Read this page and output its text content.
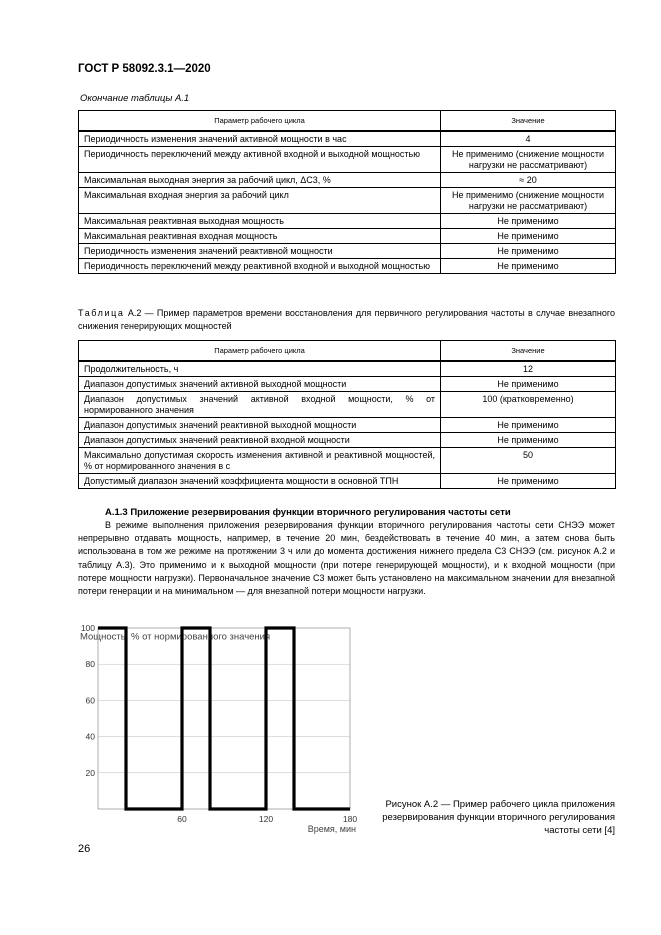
ГОСТ Р 58092.3.1—2020
Окончание таблицы А.1
Параметр рабочего цикла	Значение
Периодичность изменения значений активной мощности в час	4
Периодичность переключений между активной входной и выходной мощностью	Не применимо (снижение мощности нагрузки не рассматривают)
Максимальная выходная энергия за рабочий цикл, ΔС3, %	≈ 20
Максимальная входная энергия за рабочий цикл	Не применимо (снижение мощности нагрузки не рассматривают)
Максимальная реактивная выходная мощность	Не применимо
Максимальная реактивная входная мощность	Не применимо
Периодичность изменения значений реактивной мощности	Не применимо
Периодичность переключений между реактивной входной и выходной мощностью	Не применимо
Таблица А.2 — Пример параметров времени восстановления для первичного регулирования частоты в случае внезапного снижения генерирующих мощностей
Параметр рабочего цикла	Значение
Продолжительность, ч	12
Диапазон допустимых значений активной выходной мощности	Не применимо
Диапазон допустимых значений активной входной мощности, % от нормированного значения	100 (кратковременно)
Диапазон допустимых значений реактивной выходной мощности	Не применимо
Диапазон допустимых значений реактивной входной мощности	Не применимо
Максимально допустимая скорость изменения активной и реактивной мощностей, % от нормированного значения в с	50
Допустимый диапазон значений коэффициента мощности в основной ТПН	Не применимо
А.1.3 Приложение резервирования функции вторичного регулирования частоты сети
В режиме выполнения приложения резервирования функции вторичного регулирования частоты сети СНЭЭ может непрерывно отдавать мощность, например, в течение 20 мин, бездействовать в течение 40 мин, а затем снова быть использована в том же режиме на протяжении 3 ч или до момента достижения нижнего предела С3 СНЭЭ (см. рисунок А.2 и таблицу А.3). Это применимо и к выходной мощности (при потере генерирующей мощности), и к входной мощности (при потере мощности нагрузки). Первоначальное значение С3 может быть установлено на максимальном значении для внезапной потери генерации и на минимальном — для внезапной потери мощности нагрузки.
Мощность, % от нормированного значения
100
80
60
40
20
60	120	180
Время, мин
Рисунок А.2 — Пример рабочего цикла приложения резервирования функции вторичного регулирования частоты сети [4]
26
